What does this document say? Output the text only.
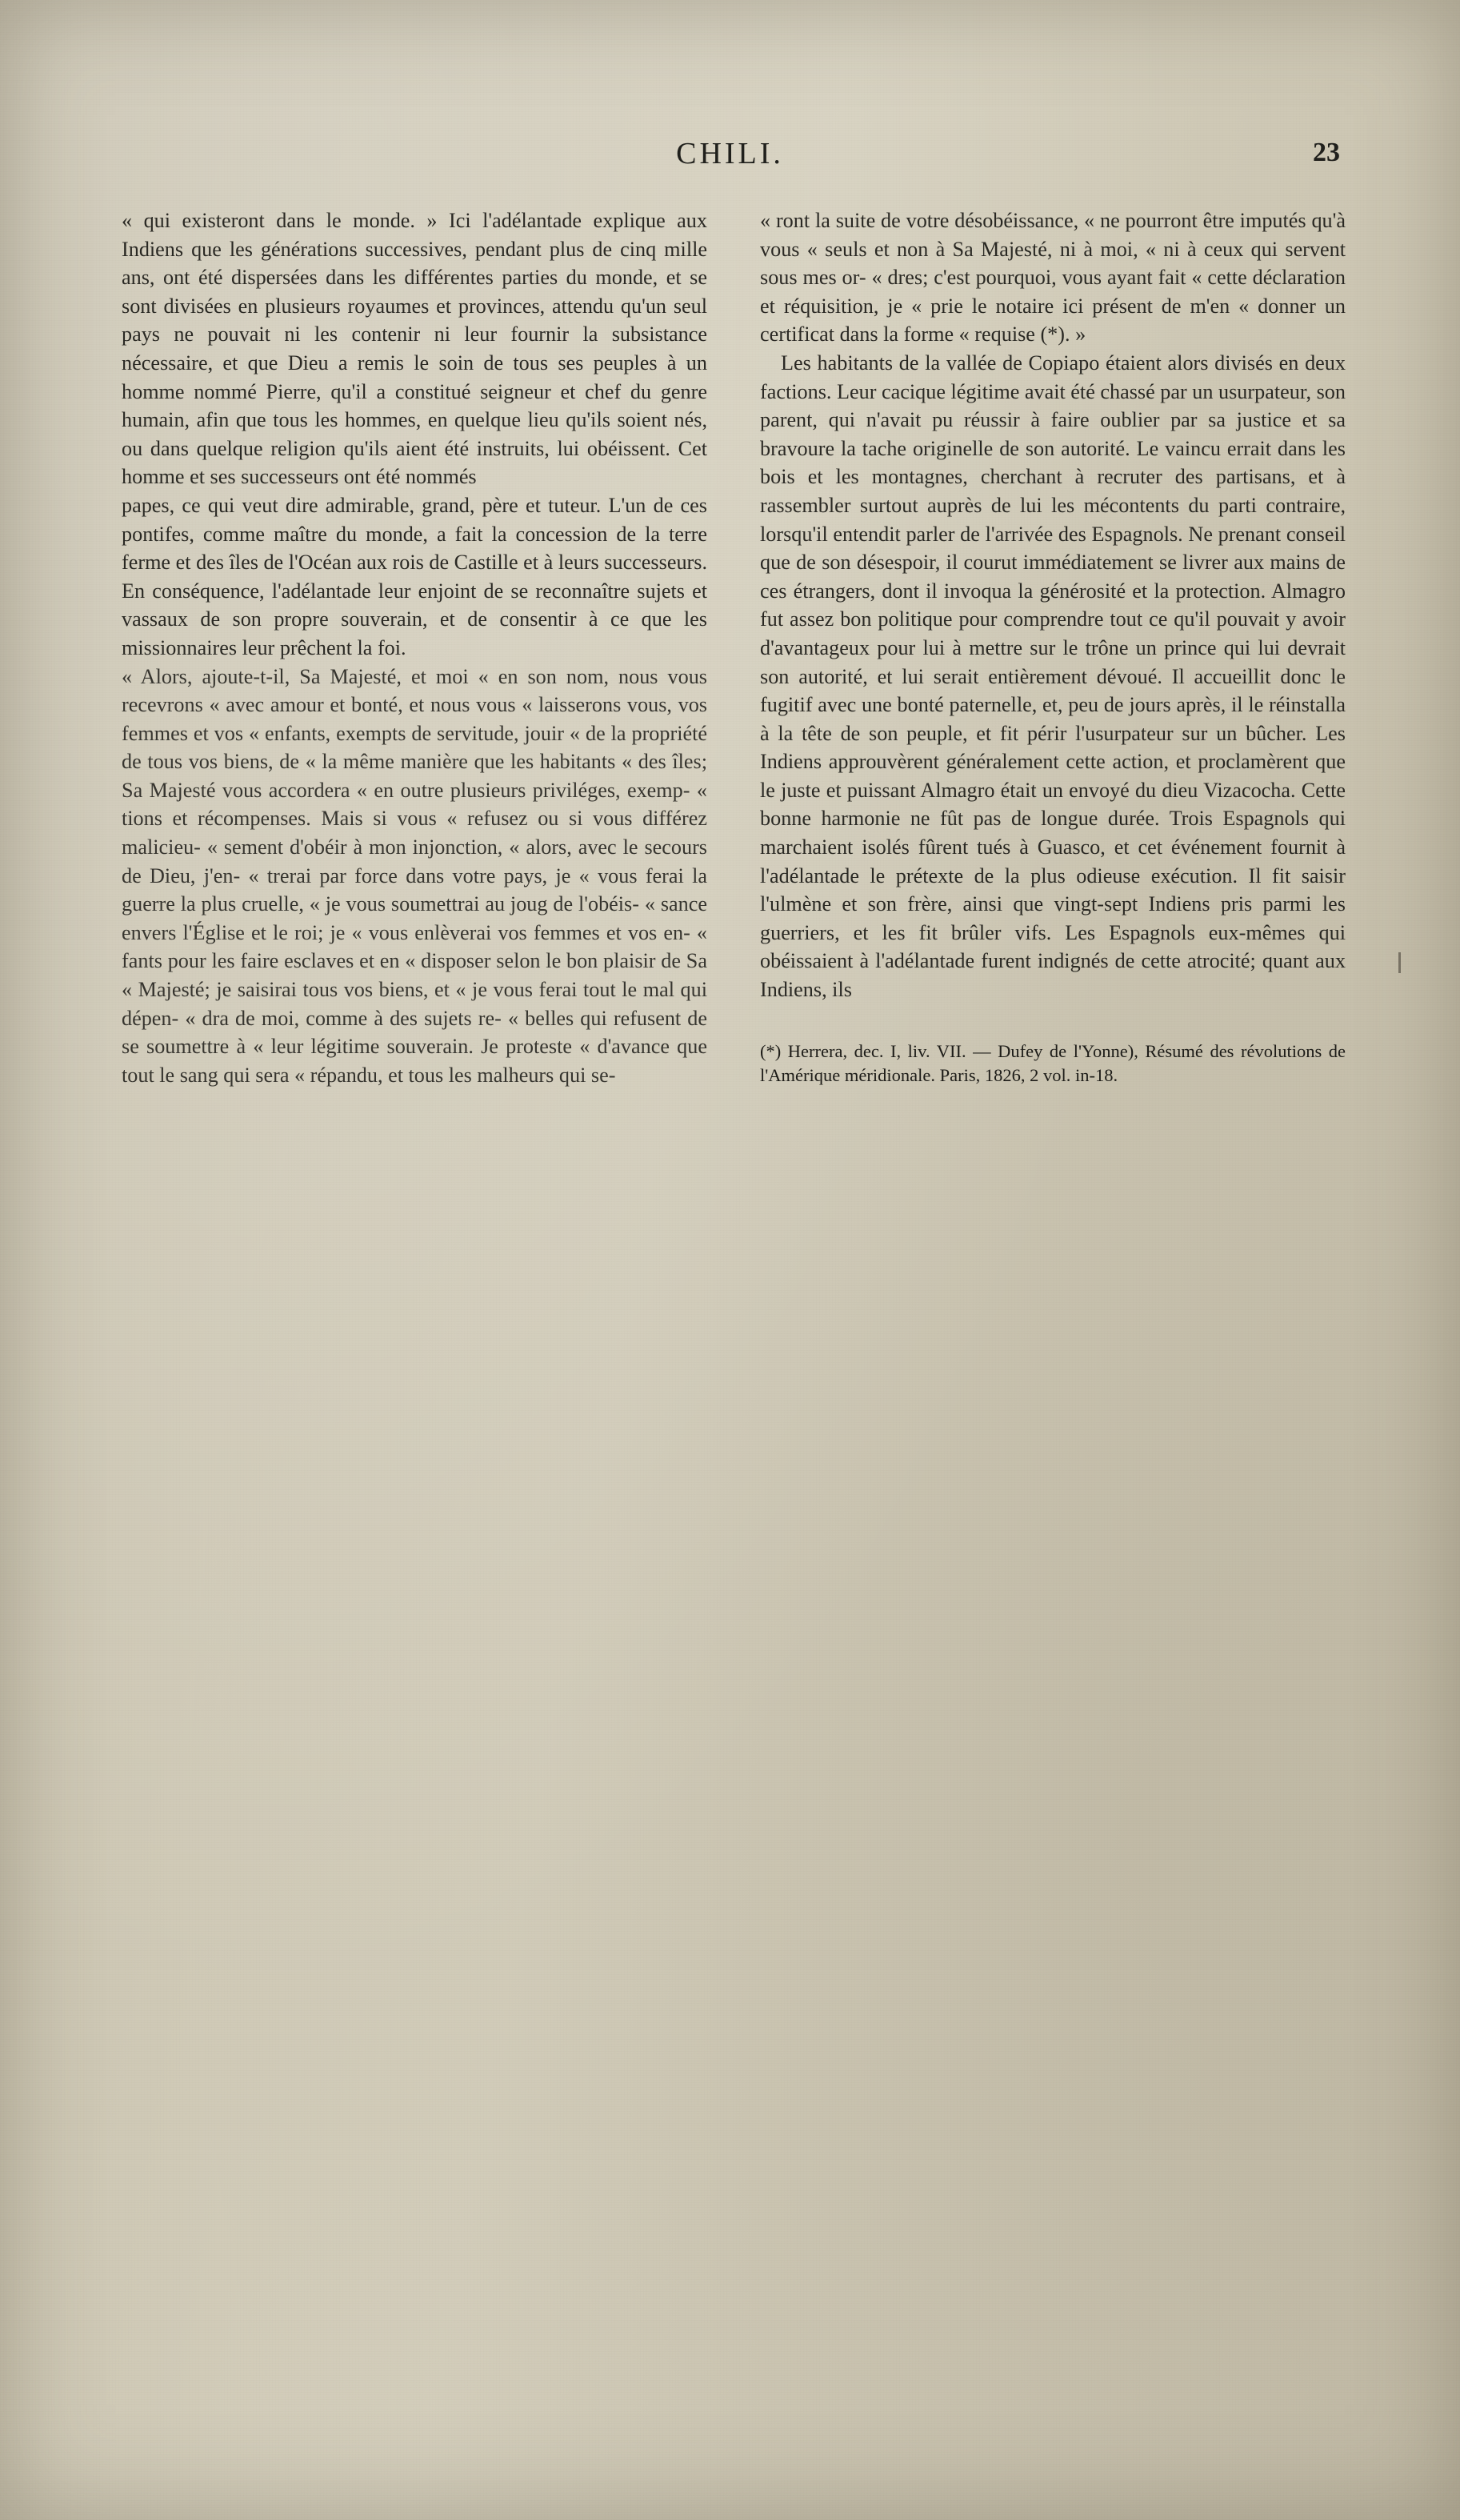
CHILI.	23

« qui existeront dans le monde. » Ici l'adélantade explique aux Indiens que les générations successives, pendant plus de cinq mille ans, ont été dispersées dans les différentes parties du monde, et se sont divisées en plusieurs royaumes et provinces, attendu qu'un seul pays ne pouvait ni les contenir ni leur fournir la subsistance nécessaire, et que Dieu a remis le soin de tous ses peuples à un homme nommé Pierre, qu'il a constitué seigneur et chef du genre humain, afin que tous les hommes, en quelque lieu qu'ils soient nés, ou dans quelque religion qu'ils aient été instruits, lui obéissent. Cet homme et ses successeurs ont été nommés

papes, ce qui veut dire admirable, grand, père et tuteur. L'un de ces pontifes, comme maître du monde, a fait la concession de la terre ferme et des îles de l'Océan aux rois de Castille et à leurs successeurs. En conséquence, l'adélantade leur enjoint de se reconnaître sujets et vassaux de son propre souverain, et de consentir à ce que les missionnaires leur prêchent la foi.

« Alors, ajoute-t-il, Sa Majesté, et moi « en son nom, nous vous recevrons « avec amour et bonté, et nous vous « laisserons vous, vos femmes et vos « enfants, exempts de servitude, jouir « de la propriété de tous vos biens, de « la même manière que les habitants « des îles; Sa Majesté vous accordera « en outre plusieurs priviléges, exemp- « tions et récompenses. Mais si vous « refusez ou si vous différez malicieu- « sement d'obéir à mon injonction, « alors, avec le secours de Dieu, j'en- « trerai par force dans votre pays, je « vous ferai la guerre la plus cruelle, « je vous soumettrai au joug de l'obéis- « sance envers l'Église et le roi; je « vous enlèverai vos femmes et vos en- « fants pour les faire esclaves et en « disposer selon le bon plaisir de Sa « Majesté; je saisirai tous vos biens, et « je vous ferai tout le mal qui dépen- « dra de moi, comme à des sujets re- « belles qui refusent de se soumettre à « leur légitime souverain. Je proteste « d'avance que tout le sang qui sera « répandu, et tous les malheurs qui se-

« ront la suite de votre désobéissance, « ne pourront être imputés qu'à vous « seuls et non à Sa Majesté, ni à moi, « ni à ceux qui servent sous mes or- « dres; c'est pourquoi, vous ayant fait « cette déclaration et réquisition, je « prie le notaire ici présent de m'en « donner un certificat dans la forme « requise (*). »

Les habitants de la vallée de Copiapo étaient alors divisés en deux factions. Leur cacique légitime avait été chassé par un usurpateur, son parent, qui n'avait pu réussir à faire oublier par sa justice et sa bravoure la tache originelle de son autorité. Le vaincu errait dans les bois et les montagnes, cherchant à recruter des partisans, et à rassembler surtout auprès de lui les mécontents du parti contraire, lorsqu'il entendit parler de l'arrivée des Espagnols. Ne prenant conseil que de son désespoir, il courut immédiatement se livrer aux mains de ces étrangers, dont il invoqua la générosité et la protection. Almagro fut assez bon politique pour comprendre tout ce qu'il pouvait y avoir d'avantageux pour lui à mettre sur le trône un prince qui lui devrait son autorité, et lui serait entièrement dévoué. Il accueillit donc le fugitif avec une bonté paternelle, et, peu de jours après, il le réinstalla à la tête de son peuple, et fit périr l'usurpateur sur un bûcher. Les Indiens approuvèrent généralement cette action, et proclamèrent que le juste et puissant Almagro était un envoyé du dieu Vizacocha. Cette bonne harmonie ne fût pas de longue durée. Trois Espagnols qui marchaient isolés fûrent tués à Guasco, et cet événement fournit à l'adélantade le prétexte de la plus odieuse exécution. Il fit saisir l'ulmène et son frère, ainsi que vingt-sept Indiens pris parmi les guerriers, et les fit brûler vifs. Les Espagnols eux-mêmes qui obéissaient à l'adélantade furent indignés de cette atrocité; quant aux Indiens, ils

(*) Herrera, dec. I, liv. VII. — Dufey de l'Yonne), Résumé des révolutions de l'Amérique méridionale. Paris, 1826, 2 vol. in-18.
